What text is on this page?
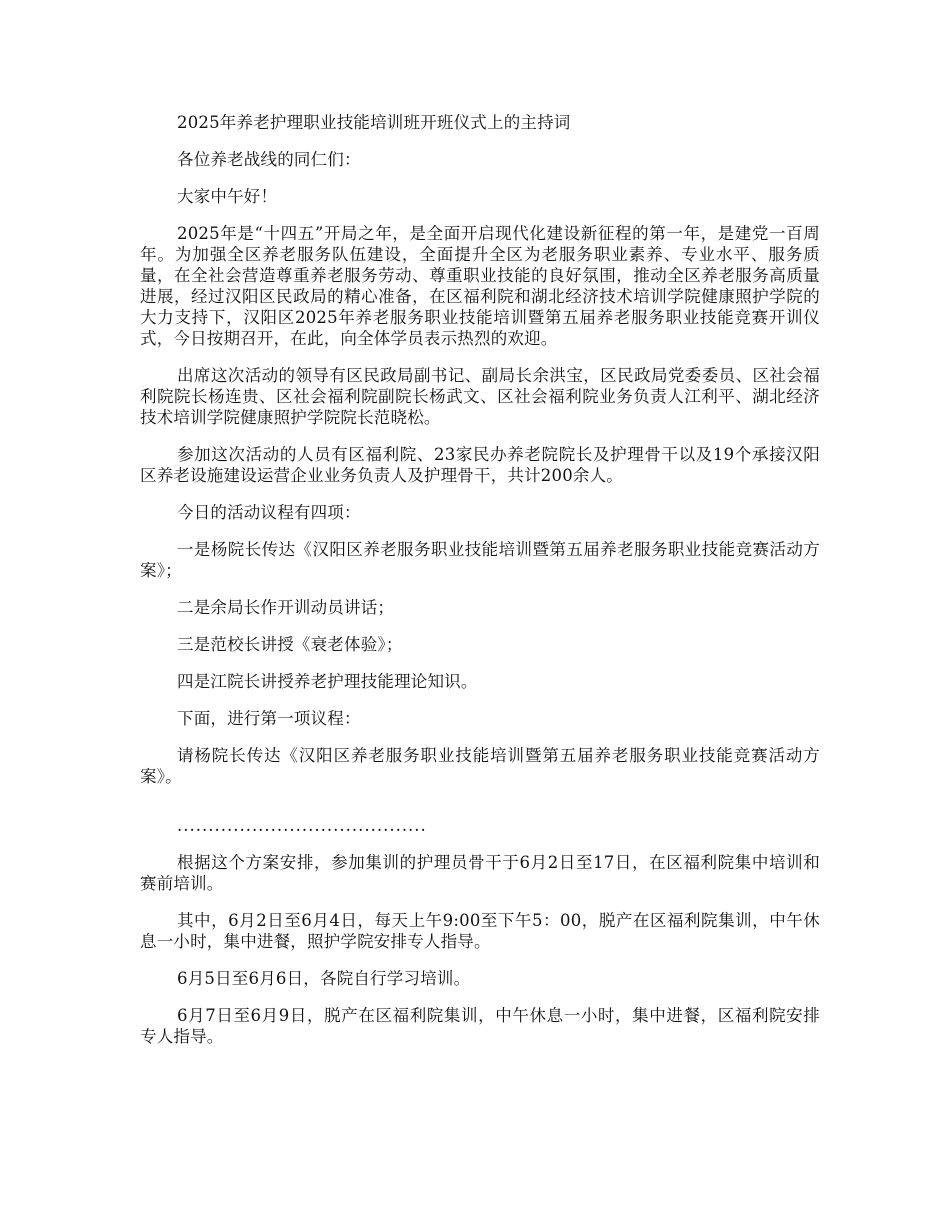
2025年养老护理职业技能培训班开班仪式上的主持词

各位养老战线的同仁们：

大家中午好！

2025年是“十四五”开局之年，是全面开启现代化建设新征程的第一年，是建党一百周年。为加强全区养老服务队伍建设，全面提升全区为老服务职业素养、专业水平、服务质量，在全社会营造尊重养老服务劳动、尊重职业技能的良好氛围，推动全区养老服务高质量进展，经过汉阳区民政局的精心准备，在区福利院和湖北经济技术培训学院健康照护学院的大力支持下，汉阳区2025年养老服务职业技能培训暨第五届养老服务职业技能竞赛开训仪式，今日按期召开，在此，向全体学员表示热烈的欢迎。

出席这次活动的领导有区民政局副书记、副局长余洪宝，区民政局党委委员、区社会福利院院长杨连贵、区社会福利院副院长杨武文、区社会福利院业务负责人江利平、湖北经济技术培训学院健康照护学院院长范晓松。

参加这次活动的人员有区福利院、23家民办养老院院长及护理骨干以及19个承接汉阳区养老设施建设运营企业业务负责人及护理骨干，共计200余人。

今日的活动议程有四项：

一是杨院长传达《汉阳区养老服务职业技能培训暨第五届养老服务职业技能竞赛活动方案》；

二是余局长作开训动员讲话；

三是范校长讲授《衰老体验》；

四是江院长讲授养老护理技能理论知识。

下面，进行第一项议程：

请杨院长传达《汉阳区养老服务职业技能培训暨第五届养老服务职业技能竞赛活动方案》。

........................................

根据这个方案安排，参加集训的护理员骨干于6月2日至17日，在区福利院集中培训和赛前培训。

其中，6月2日至6月4日，每天上午9:00至下午5：00，脱产在区福利院集训，中午休息一小时，集中进餐，照护学院安排专人指导。

6月5日至6月6日，各院自行学习培训。

6月7日至6月9日，脱产在区福利院集训，中午休息一小时，集中进餐，区福利院安排专人指导。
